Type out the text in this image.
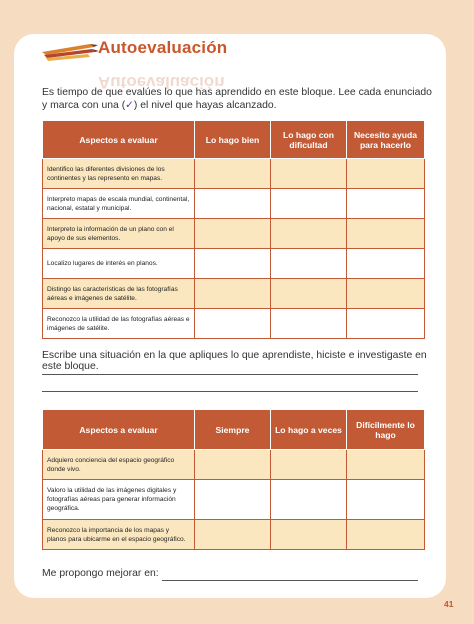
Autoevaluación
Autoevaluación
Es tiempo de que evalúes lo que has aprendido en este bloque. Lee cada enunciado y marca con una (✓) el nivel que hayas alcanzado.
Aspectos a evaluar	Lo hago bien	Lo hago con dificultad	Necesito ayuda para hacerlo
Identifico las diferentes divisiones de los continentes y las represento en mapas.			
Interpreto mapas de escala mundial, continental, nacional, estatal y municipal.			
Interpreto la información de un plano con el apoyo de sus elementos.			
Localizo lugares de interés en planos.			
Distingo las características de las fotografías aéreas e imágenes de satélite.			
Reconozco la utilidad de las fotografías aéreas e imágenes de satélite.			
Escribe una situación en la que apliques lo que aprendiste, hiciste e investigaste en este bloque.
Aspectos a evaluar	Siempre	Lo hago a veces	Difícilmente lo hago
Adquiero conciencia del espacio geográfico donde vivo.			
Valoro la utilidad de las imágenes digitales y fotografías aéreas para generar información geográfica.			
Reconozco la importancia de los mapas y planos para ubicarme en el espacio geográfico.			
Me propongo mejorar en:
41
